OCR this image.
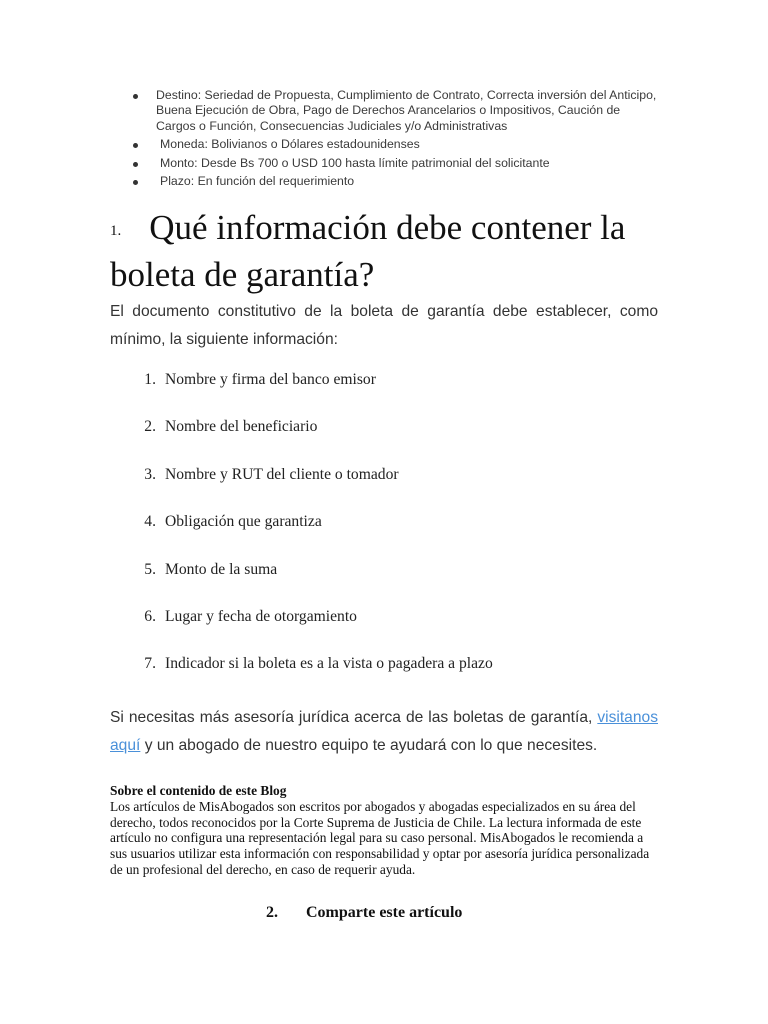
Destino: Seriedad de Propuesta, Cumplimiento de Contrato, Correcta inversión del Anticipo, Buena Ejecución de Obra, Pago de Derechos Arancelarios o Impositivos, Caución de Cargos o Función, Consecuencias Judiciales y/o Administrativas
Moneda: Bolivianos o Dólares estadounidenses
Monto: Desde Bs 700 o USD 100 hasta límite patrimonial del solicitante
Plazo: En función del requerimiento
1. Qué información debe contener la boleta de garantía?

El documento constitutivo de la boleta de garantía debe establecer, como mínimo, la siguiente información:

1. Nombre y firma del banco emisor
2. Nombre del beneficiario
3. Nombre y RUT del cliente o tomador
4. Obligación que garantiza
5. Monto de la suma
6. Lugar y fecha de otorgamiento
7. Indicador si la boleta es a la vista o pagadera a plazo

Si necesitas más asesoría jurídica acerca de las boletas de garantía, visitanos aquí y un abogado de nuestro equipo te ayudará con lo que necesites.

Sobre el contenido de este Blog
Los artículos de MisAbogados son escritos por abogados y abogadas especializados en su área del derecho, todos reconocidos por la Corte Suprema de Justicia de Chile. La lectura informada de este artículo no configura una representación legal para su caso personal. MisAbogados le recomienda a sus usuarios utilizar esta información con responsabilidad y optar por asesoría jurídica personalizada de un profesional del derecho, en caso de requerir ayuda.
2. Comparte este artículo
